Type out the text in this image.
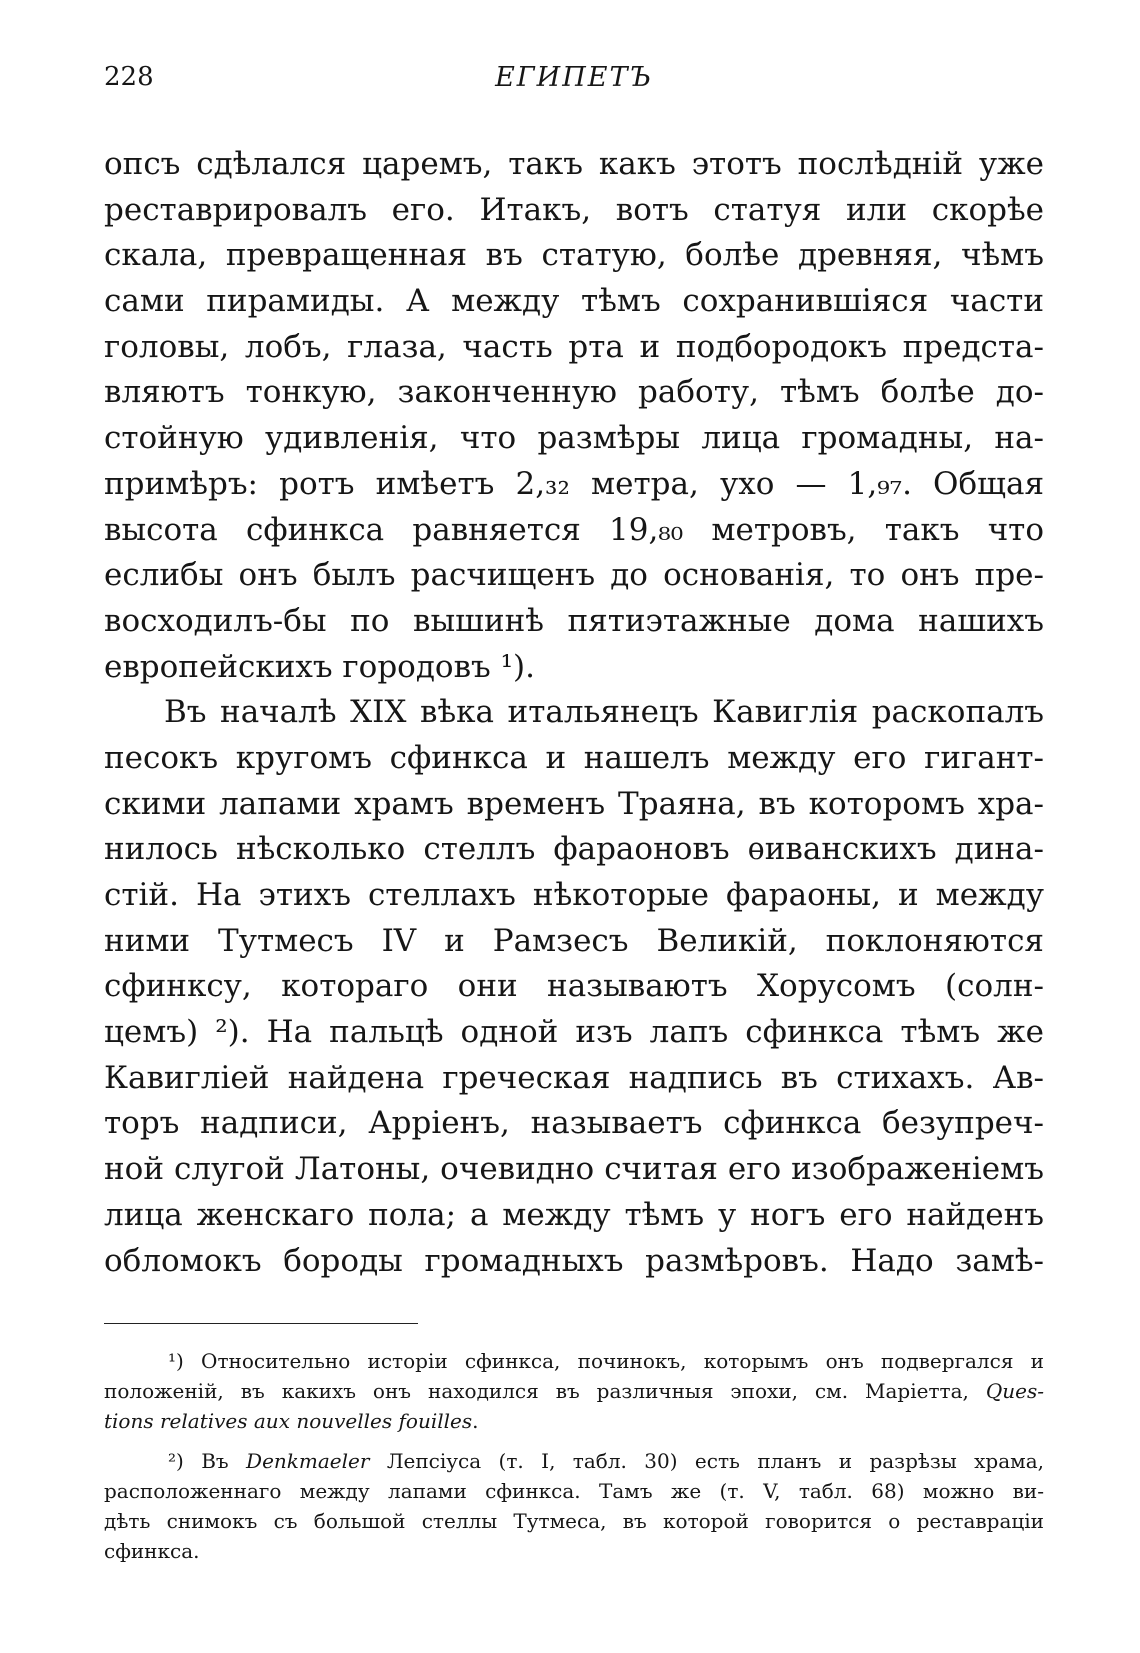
228	ЕГИПЕТЪ
опсъ сдѣлался царемъ, такъ какъ этотъ послѣднiй уже
реставрировалъ его. Итакъ, вотъ статуя или скорѣе
скала, превращенная въ статую, болѣе древняя, чѣмъ
сами пирамиды. А между тѣмъ сохранившiяся части
головы, лобъ, глаза, часть рта и подбородокъ предста-
вляютъ тонкую, законченную работу, тѣмъ болѣе до-
стойную удивленiя, что размѣры лица громадны, на-
примѣръ: ротъ имѣетъ 2,₃₂ метра, ухо — 1,₉₇. Общая
высота сфинкса равняется 19,₈₀ метровъ, такъ что
еслибы онъ былъ расчищенъ до основанiя, то онъ пре-
восходилъ-бы по вышинѣ пятиэтажные дома нашихъ
европейскихъ городовъ ¹).
Въ началѣ XIX вѣка итальянецъ Кавиглiя раскопалъ
песокъ кругомъ сфинкса и нашелъ между его гигант-
скими лапами храмъ временъ Траяна, въ которомъ хра-
нилось нѣсколько стеллъ фараоновъ ѳиванскихъ дина-
стiй. На этихъ стеллахъ нѣкоторые фараоны, и между
ними Тутмесъ IV и Рамзесъ Великiй, поклоняются
сфинксу, котораго они называютъ Хорусомъ (солн-
цемъ) ²). На пальцѣ одной изъ лапъ сфинкса тѣмъ же
Кавиглiей найдена греческая надпись въ стихахъ. Ав-
торъ надписи, Арріенъ, называетъ сфинкса безупреч-
ной слугой Латоны, очевидно считая его изображенiемъ
лица женскаго пола; а между тѣмъ у ногъ его найденъ
обломокъ бороды громадныхъ размѣровъ. Надо замѣ-
¹) Относительно исторiи сфинкса, починокъ, которымъ онъ подвергался и
положенiй, въ какихъ онъ находился въ различныя эпохи, см. Марiетта, Ques-
tions relatives aux nouvelles fouilles.
²) Въ Denkmaeler Лепсiуса (т. I, табл. 30) есть планъ и разрѣзы храма,
расположеннаго между лапами сфинкса. Тамъ же (т. V, табл. 68) можно ви-
дѣть снимокъ съ большой стеллы Тутмеса, въ которой говорится о реставрацiи
сфинкса.
